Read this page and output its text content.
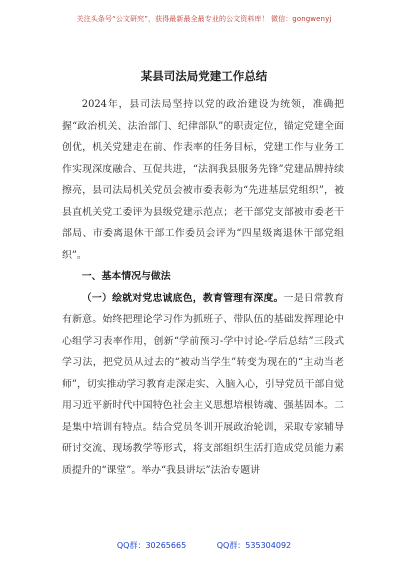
关注头条号“公文研究”，获得最新最全最专业的公文资料库！ 微信：gongwenyj
某县司法局党建工作总结

2024年，县司法局坚持以党的政治建设为统领，准确把握“政治机关、法治部门、纪律部队”的职责定位，锚定党建全面创优，机关党建走在前、作表率的任务目标，党建工作与业务工作实现深度融合、互促共进，“法润我县服务先锋”党建品牌持续擦亮，县司法局机关党员会被市委表彰为“先进基层党组织”，被县直机关党工委评为县级党建示范点；老干部党支部被市委老干部局、市委离退休干部工作委员会评为“四星级离退休干部党组织”。

一、基本情况与做法

（一）绘就对党忠诚底色，教育管理有深度。一是日常教育有新意。始终把理论学习作为抓班子、带队伍的基础发挥理论中心组学习表率作用，创新“学前预习-学中讨论-学后总结”三段式学习法，把党员从过去的“被动当学生”转变为现在的“主动当老师”，切实推动学习教育走深走实、入脑入心，引导党员干部自觉用习近平新时代中国特色社会主义思想培根铸魂、强基固本。二是集中培训有特点。结合党员冬训开展政治轮训，采取专家辅导研讨交流、现场教学等形式，将支部组织生活打造成党员能力素质提升的“课堂”。举办“我县讲坛”法治专题讲

QQ群：30265665	QQ群：535304092
